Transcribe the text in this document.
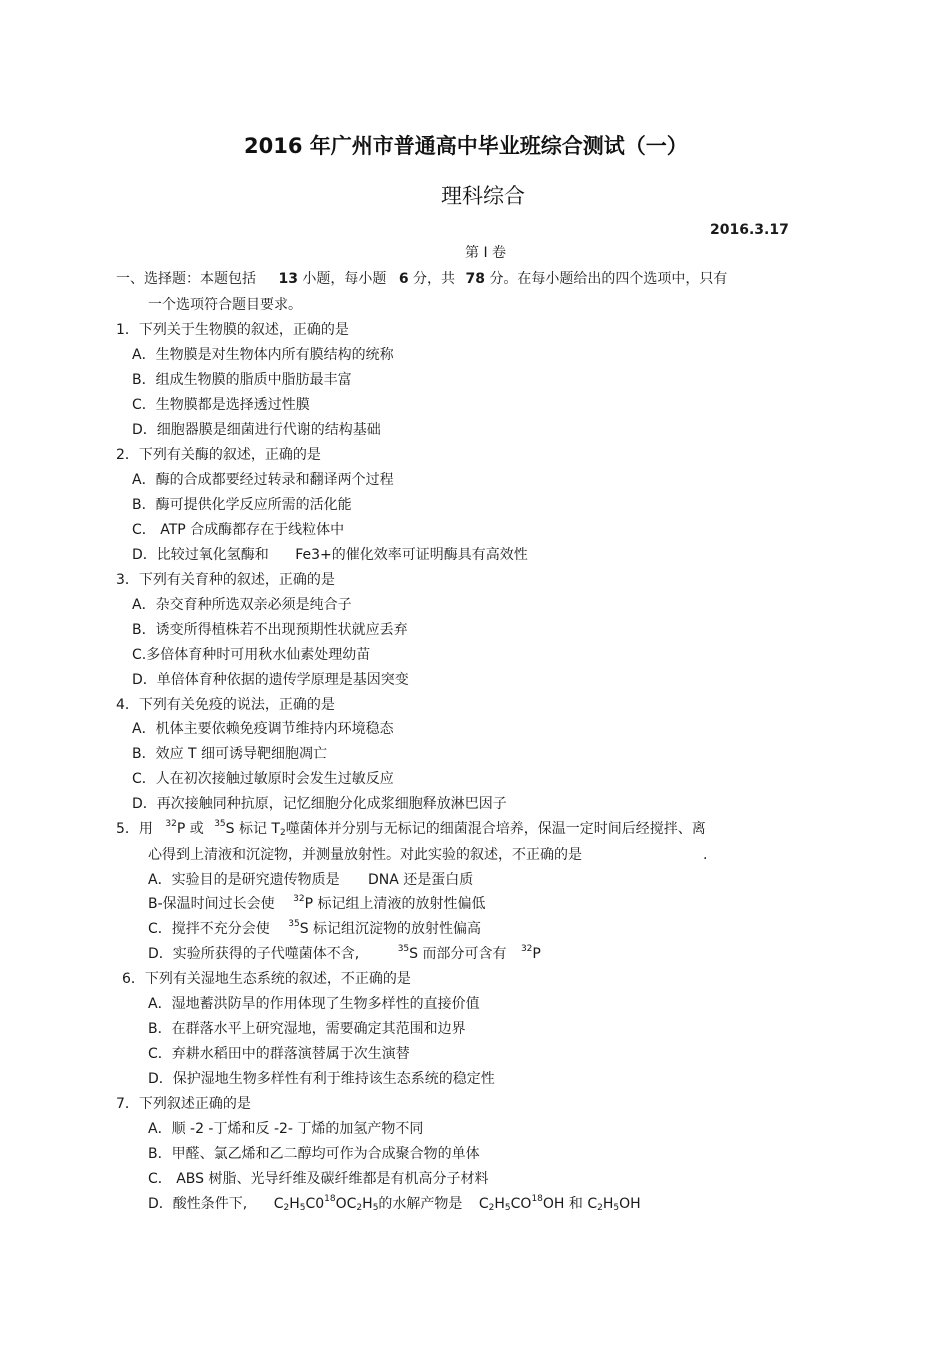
2016 年广州市普通高中毕业班综合测试（一）
理科综合
2016.3.17
第 I 卷
一、选择题：本题包括 13 小题，每小题 6 分，共 78 分。在每小题给出的四个选项中，只有
一个选项符合题目要求。
1．下列关于生物膜的叙述，正确的是
A．生物膜是对生物体内所有膜结构的统称
B．组成生物膜的脂质中脂肪最丰富
C．生物膜都是选择透过性膜
D．细胞器膜是细菌进行代谢的结构基础
2．下列有关酶的叙述，正确的是
A．酶的合成都要经过转录和翻译两个过程
B．酶可提供化学反应所需的活化能
C． ATP 合成酶都存在于线粒体中
D．比较过氧化氢酶和 Fe3+的催化效率可证明酶具有高效性
3．下列有关育种的叙述，正确的是
A．杂交育种所选双亲必须是纯合子
B．诱变所得植株若不出现预期性状就应丢弃
C.多倍体育种时可用秋水仙素处理幼苗
D．单倍体育种依据的遗传学原理是基因突变
4．下列有关免疫的说法，正确的是
A．机体主要依赖免疫调节维持内环境稳态
B．效应 T 细可诱导靶细胞凋亡
C．人在初次接触过敏原时会发生过敏反应
D．再次接触同种抗原，记忆细胞分化成浆细胞释放淋巴因子
5．用 $^{32}$P 或 $^{35}$S 标记 $T_2$噬菌体并分别与无标记的细菌混合培养，保温一定时间后经搅拌、离
心得到上清液和沉淀物，并测量放射性。对此实验的叙述，不正确的是	.
A．实验目的是研究遗传物质是 DNA 还是蛋白质
B-保温时间过长会使 $^{32}$P 标记组上清液的放射性偏低
C．搅拌不充分会使 $^{35}$S 标记组沉淀物的放射性偏高
D．实验所获得的子代噬菌体不含,	$^{35}$S 而部分可含有 $^{32}$P
6．下列有关湿地生态系统的叙述，不正确的是
A．湿地蓄洪防旱的作用体现了生物多样性的直接价值
B．在群落水平上研究湿地，需要确定其范围和边界
C．弃耕水稻田中的群落演替属于次生演替
D．保护湿地生物多样性有利于维持该生态系统的稳定性
7．下列叙述正确的是
A．顺 -2 -丁烯和反 -2- 丁烯的加氢产物不同
B．甲醛、氯乙烯和乙二醇均可作为合成聚合物的单体
C． ABS 树脂、光导纤维及碳纤维都是有机高分子材料
D．酸性条件下, $C_2H_5C0^{18}OC_2H_5$的水解产物是 $C_2H_5CO^{18}OH$ 和 $C_2H_5OH$
